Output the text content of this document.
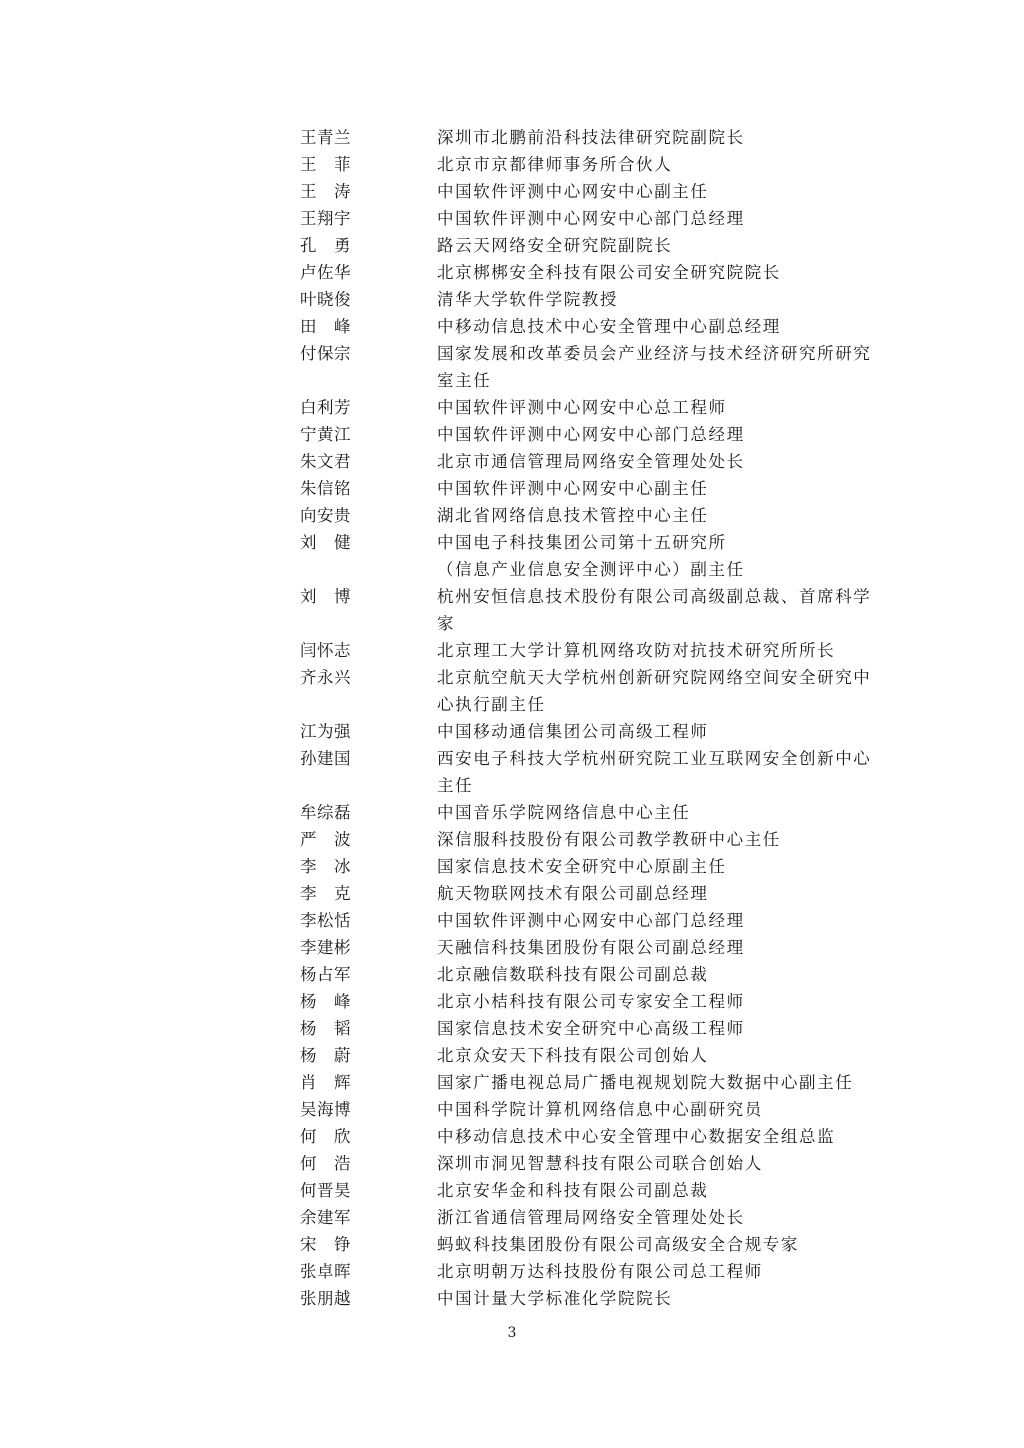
王青兰	深圳市北鹏前沿科技法律研究院副院长
王　菲	北京市京都律师事务所合伙人
王　涛	中国软件评测中心网安中心副主任
王翔宇	中国软件评测中心网安中心部门总经理
孔　勇	路云天网络安全研究院副院长
卢佐华	北京梆梆安全科技有限公司安全研究院院长
叶晓俊	清华大学软件学院教授
田　峰	中移动信息技术中心安全管理中心副总经理
付保宗	国家发展和改革委员会产业经济与技术经济研究所研究室主任
白利芳	中国软件评测中心网安中心总工程师
宁黄江	中国软件评测中心网安中心部门总经理
朱文君	北京市通信管理局网络安全管理处处长
朱信铭	中国软件评测中心网安中心副主任
向安贵	湖北省网络信息技术管控中心主任
刘　健	中国电子科技集团公司第十五研究所
（信息产业信息安全测评中心）副主任
刘　博	杭州安恒信息技术股份有限公司高级副总裁、首席科学家
闫怀志	北京理工大学计算机网络攻防对抗技术研究所所长
齐永兴	北京航空航天大学杭州创新研究院网络空间安全研究中心执行副主任
江为强	中国移动通信集团公司高级工程师
孙建国	西安电子科技大学杭州研究院工业互联网安全创新中心主任
牟综磊	中国音乐学院网络信息中心主任
严　波	深信服科技股份有限公司教学教研中心主任
李　冰	国家信息技术安全研究中心原副主任
李　克	航天物联网技术有限公司副总经理
李松恬	中国软件评测中心网安中心部门总经理
李建彬	天融信科技集团股份有限公司副总经理
杨占军	北京融信数联科技有限公司副总裁
杨　峰	北京小桔科技有限公司专家安全工程师
杨　韬	国家信息技术安全研究中心高级工程师
杨　蔚	北京众安天下科技有限公司创始人
肖　辉	国家广播电视总局广播电视规划院大数据中心副主任
吴海博	中国科学院计算机网络信息中心副研究员
何　欣	中移动信息技术中心安全管理中心数据安全组总监
何　浩	深圳市洞见智慧科技有限公司联合创始人
何晋昊	北京安华金和科技有限公司副总裁
余建军	浙江省通信管理局网络安全管理处处长
宋　铮	蚂蚁科技集团股份有限公司高级安全合规专家
张卓晖	北京明朝万达科技股份有限公司总工程师
张朋越	中国计量大学标准化学院院长
3
